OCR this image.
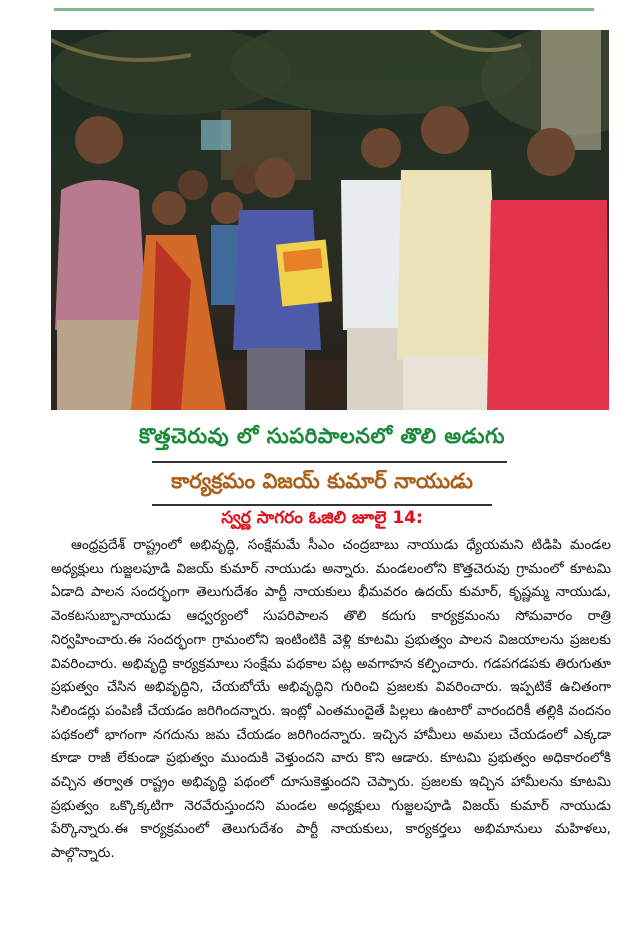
కొత్తచెరువు లో సుపరిపాలనలో తొలి అడుగు
కార్యక్రమం విజయ్ కుమార్ నాయుడు
స్వర్ణ సాగరం ఓజిలి జూలై 14:
ఆంధ్రప్రదేశ్ రాష్ట్రంలో అభివృద్ధి, సంక్షేమమే సీఎం చంద్రబాబు నాయుడు ధ్యేయమని టిడిపి మండల అధ్యక్షులు గుజ్జలపూడి విజయ్ కుమార్ నాయుడు అన్నారు. మండలంలోని కొత్తచెరువు గ్రామంలో కూటమి ఏడాది పాలన సందర్భంగా తెలుగుదేశం పార్టీ నాయకులు భీమవరం ఉదయ్ కుమార్, కృష్ణమ్మ నాయుడు, వెంకటసుబ్బానాయుడు ఆధ్వర్యంలో సుపరిపాలన తొలి కదుగు కార్యక్రమంను సోమవారం రాత్రి నిర్వహించారు.ఈ సందర్భంగా గ్రామంలోని ఇంటింటికి వెళ్లి కూటమి ప్రభుత్వం పాలన విజయాలను ప్రజలకు వివరించారు. అభివృద్ధి కార్యక్రమాలు సంక్షేమ పథకాల పట్ల అవగాహన కల్పించారు. గడపగడపకు తిరుగుతూ ప్రభుత్వం చేసిన అభివృద్ధిని, చేయబోయే అభివృద్ధిని గురించి ప్రజలకు వివరించారు. ఇప్పటికే ఉచితంగా సిలిండర్లు పంపిణీ చేయడం జరిగిందన్నారు. ఇంట్లో ఎంతమందైతే పిల్లలు ఉంటారో వారందరికీ తల్లికి వందనం పథకంలో భాగంగా నగదును జమ చేయడం జరిగిందన్నారు. ఇచ్చిన హామీలు అమలు చేయడంలో ఎక్కడా కూడా రాజీ లేకుండా ప్రభుత్వం ముందుకి వెళ్తుందని వారు కొని ఆడారు. కూటమి ప్రభుత్వం అధికారంలోకి వచ్చిన తర్వాత రాష్ట్రం అభివృద్ధి పథంలో దూసుకెళ్తుందని చెప్పారు. ప్రజలకు ఇచ్చిన హామీలను కూటమి ప్రభుత్వం ఒక్కొక్కటిగా నెరవేరుస్తుందని మండల అధ్యక్షులు గుజ్జలపూడి విజయ్ కుమార్ నాయుడు పేర్కొన్నారు.ఈ కార్యక్రమంలో తెలుగుదేశం పార్టీ నాయకులు, కార్యకర్తలు అభిమానులు మహిళలు, పాల్గొన్నారు.
